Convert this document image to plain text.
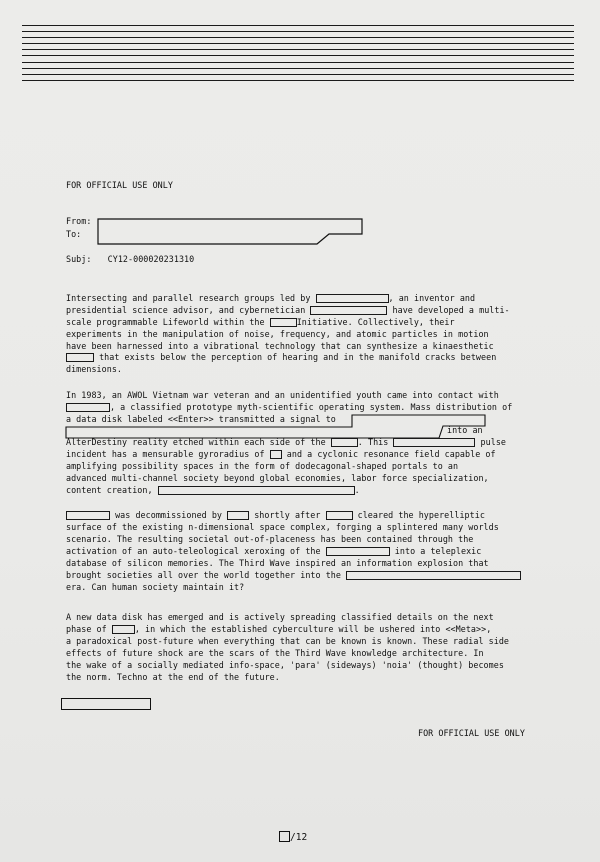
FOR OFFICIAL USE ONLY
From:
To:
Subj: CY12-000020231310
Intersecting and parallel research groups led by	, an inventor and
presidential science advisor, and cybernetician	have developed a multi-
scale programmable Lifeworld within the	Initiative. Collectively, their
experiments in the manipulation of noise, frequency, and atomic particles in motion
have been harnessed into a vibrational technology that can synthesize a kinaesthetic
that exists below the perception of hearing and in the manifold cracks between
dimensions.
In 1983, an AWOL Vietnam war veteran and an unidentified youth came into contact with
, a classified prototype myth-scientific operating system. Mass distribution of
a data disk labeled <<Enter>> transmitted a signal to
into an
AlterDestiny reality etched within each side of the	. This	pulse
incident has a mensurable gyroradius of	and a cyclonic resonance field capable of
amplifying possibility spaces in the form of dodecagonal-shaped portals to an
advanced multi-channel society beyond global economies, labor force specialization,
content creation,	.
was decommissioned by	shortly after	cleared the hyperelliptic
surface of the existing n-dimensional space complex, forging a splintered many worlds
scenario. The resulting societal out-of-placeness has been contained through the
activation of an auto-teleological xeroxing of the	into a teleplexic
database of silicon memories. The Third Wave inspired an information explosion that
brought societies all over the world together into the
era. Can human society maintain it?
A new data disk has emerged and is actively spreading classified details on the next
phase of	, in which the established cyberculture will be ushered into <<Meta>>,
a paradoxical post-future when everything that can be known is known. These radial side
effects of future shock are the scars of the Third Wave knowledge architecture. In
the wake of a socially mediated info-space, 'para' (sideways) 'noia' (thought) becomes
the norm. Techno at the end of the future.
FOR OFFICIAL USE ONLY
/12
